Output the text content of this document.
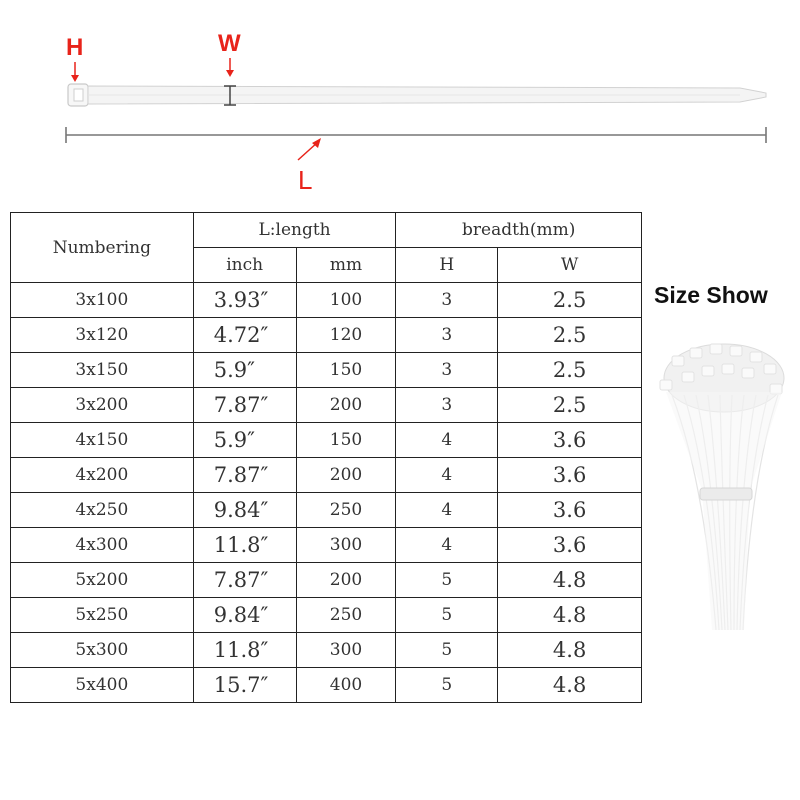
H	W
L
Numbering	L:length		breadth(mm)	
	inch	mm	H	W
3x100	3.93″	100	3	2.5
3x120	4.72″	120	3	2.5
3x150	5.9″	150	3	2.5
3x200	7.87″	200	3	2.5
4x150	5.9″	150	4	3.6
4x200	7.87″	200	4	3.6
4x250	9.84″	250	4	3.6
4x300	11.8″	300	4	3.6
5x200	7.87″	200	5	4.8
5x250	9.84″	250	5	4.8
5x300	11.8″	300	5	4.8
5x400	15.7″	400	5	4.8
Size Show
